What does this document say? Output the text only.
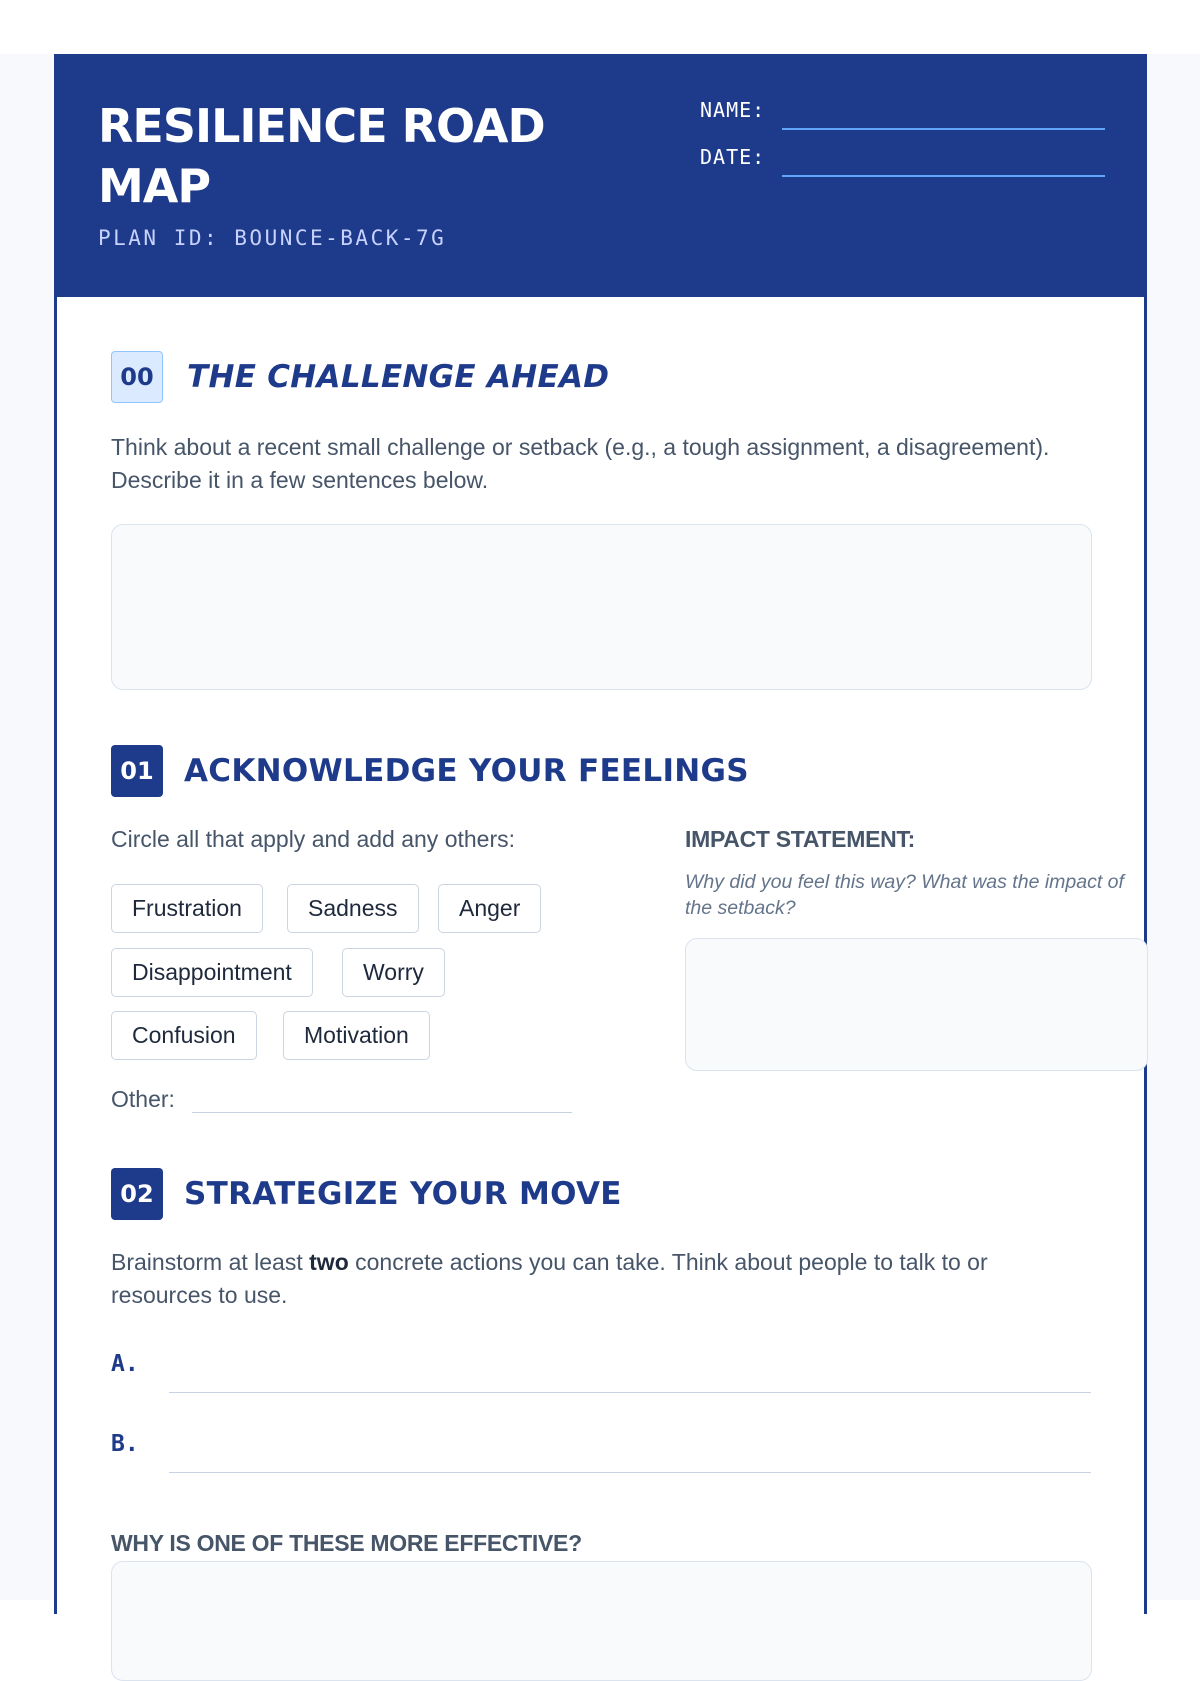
RESILIENCE ROAD MAP
PLAN ID: BOUNCE-BACK-7G
NAME:
DATE:
00 THE CHALLENGE AHEAD

Think about a recent small challenge or setback (e.g., a tough assignment, a disagreement). Describe it in a few sentences below.

01 ACKNOWLEDGE YOUR FEELINGS

Circle all that apply and add any others:

Frustration	Sadness	Anger
Disappointment	Worry
Confusion	Motivation
Other:
IMPACT STATEMENT:
Why did you feel this way? What was the impact of the setback?
02 STRATEGIZE YOUR MOVE

Brainstorm at least two concrete actions you can take. Think about people to talk to or resources to use.

A.
B.
WHY IS ONE OF THESE MORE EFFECTIVE?
